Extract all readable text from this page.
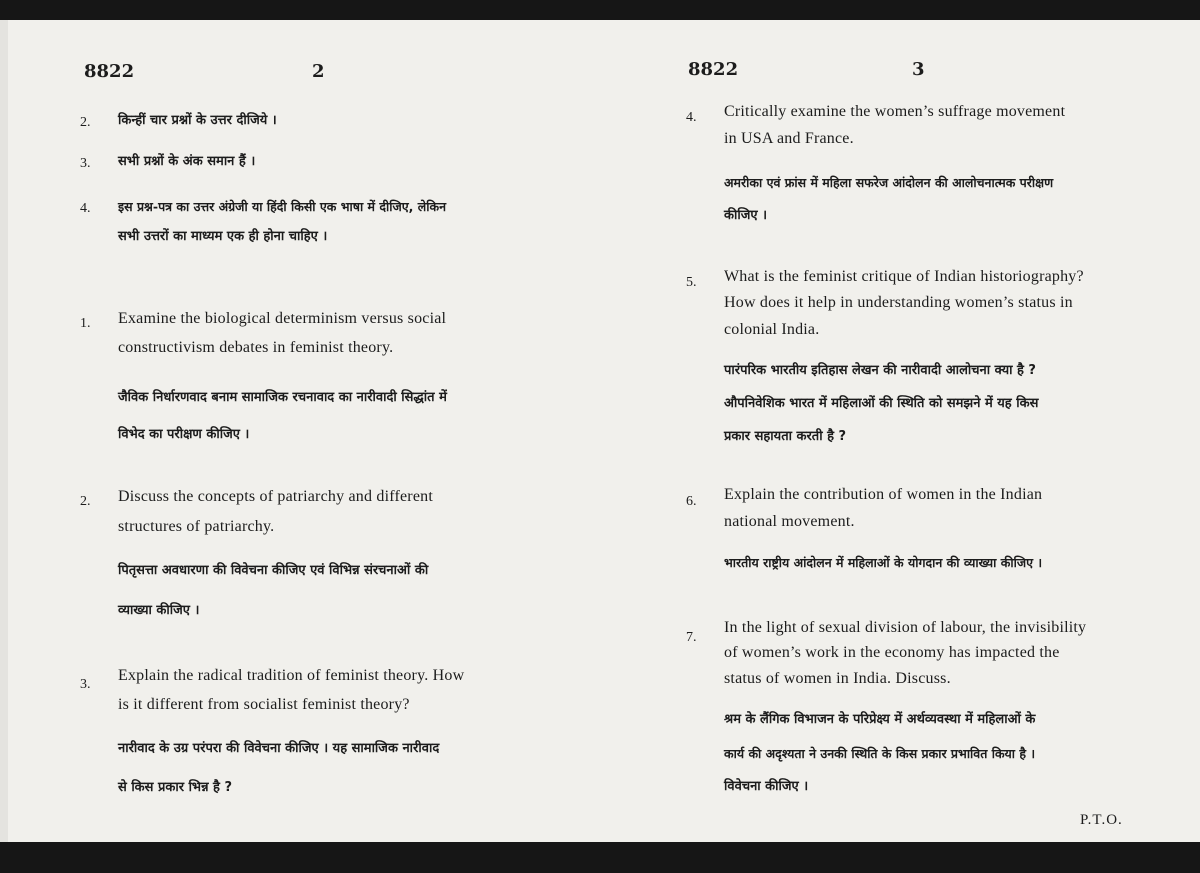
8822	2
2. किन्हीं चार प्रश्नों के उत्तर दीजिये ।
3. सभी प्रश्नों के अंक समान हैं ।
4. इस प्रश्न-पत्र का उत्तर अंग्रेजी या हिंदी किसी एक भाषा में दीजिए, लेकिन
सभी उत्तरों का माध्यम एक ही होना चाहिए ।
1. Examine the biological determinism versus social
constructivism debates in feminist theory.
जैविक निर्धारणवाद बनाम सामाजिक रचनावाद का नारीवादी सिद्धांत में
विभेद का परीक्षण कीजिए ।
2. Discuss the concepts of patriarchy and different
structures of patriarchy.
पितृसत्ता अवधारणा की विवेचना कीजिए एवं विभिन्न संरचनाओं की
व्याख्या कीजिए ।
3.
Explain the radical tradition of feminist theory. How
is it different from socialist feminist theory?
नारीवाद के उग्र परंपरा की विवेचना कीजिए । यह सामाजिक नारीवाद
से किस प्रकार भिन्न है ?
8822	3
4. Critically examine the women’s suffrage movement
in USA and France.
अमरीका एवं फ्रांस में महिला सफरेज आंदोलन की आलोचनात्मक परीक्षण
कीजिए ।
5. What is the feminist critique of Indian historiography?
How does it help in understanding women’s status in
colonial India.
पारंपरिक भारतीय इतिहास लेखन की नारीवादी आलोचना क्या है ?
औपनिवेशिक भारत में महिलाओं की स्थिति को समझने में यह किस
प्रकार सहायता करती है ?
6. Explain the contribution of women in the Indian
national movement.
भारतीय राष्ट्रीय आंदोलन में महिलाओं के योगदान की व्याख्या कीजिए ।
7.
In the light of sexual division of labour, the invisibility
of women’s work in the economy has impacted the
status of women in India. Discuss.
श्रम के लैंगिक विभाजन के परिप्रेक्ष्य में अर्थव्यवस्था में महिलाओं के
कार्य की अदृश्यता ने उनकी स्थिति के किस प्रकार प्रभावित किया है ।
विवेचना कीजिए ।
P.T.O.
